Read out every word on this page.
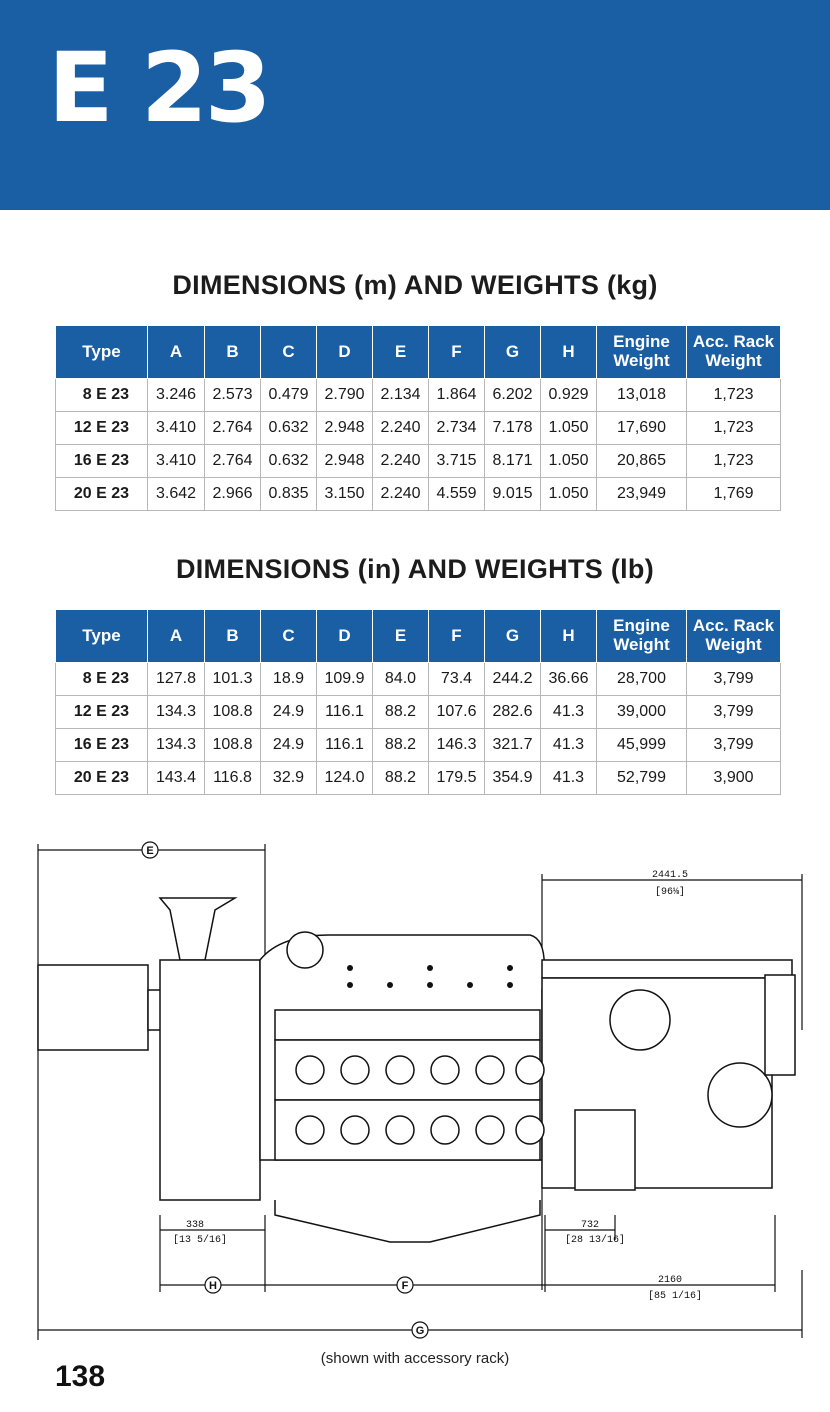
E 23
DIMENSIONS (m) AND WEIGHTS (kg)
Type	A	B	C	D	E	F	G	H	Engine Weight	Acc. Rack Weight
8 E 23	3.246	2.573	0.479	2.790	2.134	1.864	6.202	0.929	13,018	1,723
12 E 23	3.410	2.764	0.632	2.948	2.240	2.734	7.178	1.050	17,690	1,723
16 E 23	3.410	2.764	0.632	2.948	2.240	3.715	8.171	1.050	20,865	1,723
20 E 23	3.642	2.966	0.835	3.150	2.240	4.559	9.015	1.050	23,949	1,769
DIMENSIONS (in) AND WEIGHTS (lb)
Type	A	B	C	D	E	F	G	H	Engine Weight	Acc. Rack Weight
8 E 23	127.8	101.3	18.9	109.9	84.0	73.4	244.2	36.66	28,700	3,799
12 E 23	134.3	108.8	24.9	116.1	88.2	107.6	282.6	41.3	39,000	3,799
16 E 23	134.3	108.8	24.9	116.1	88.2	146.3	321.7	41.3	45,999	3,799
20 E 23	143.4	116.8	32.9	124.0	88.2	179.5	354.9	41.3	52,799	3,900
E
H	F
G
2441.5
[96⅛]
338
[13 5/16]
732
[28 13/16]
2160
[85 1/16]
(shown with accessory rack)
138
